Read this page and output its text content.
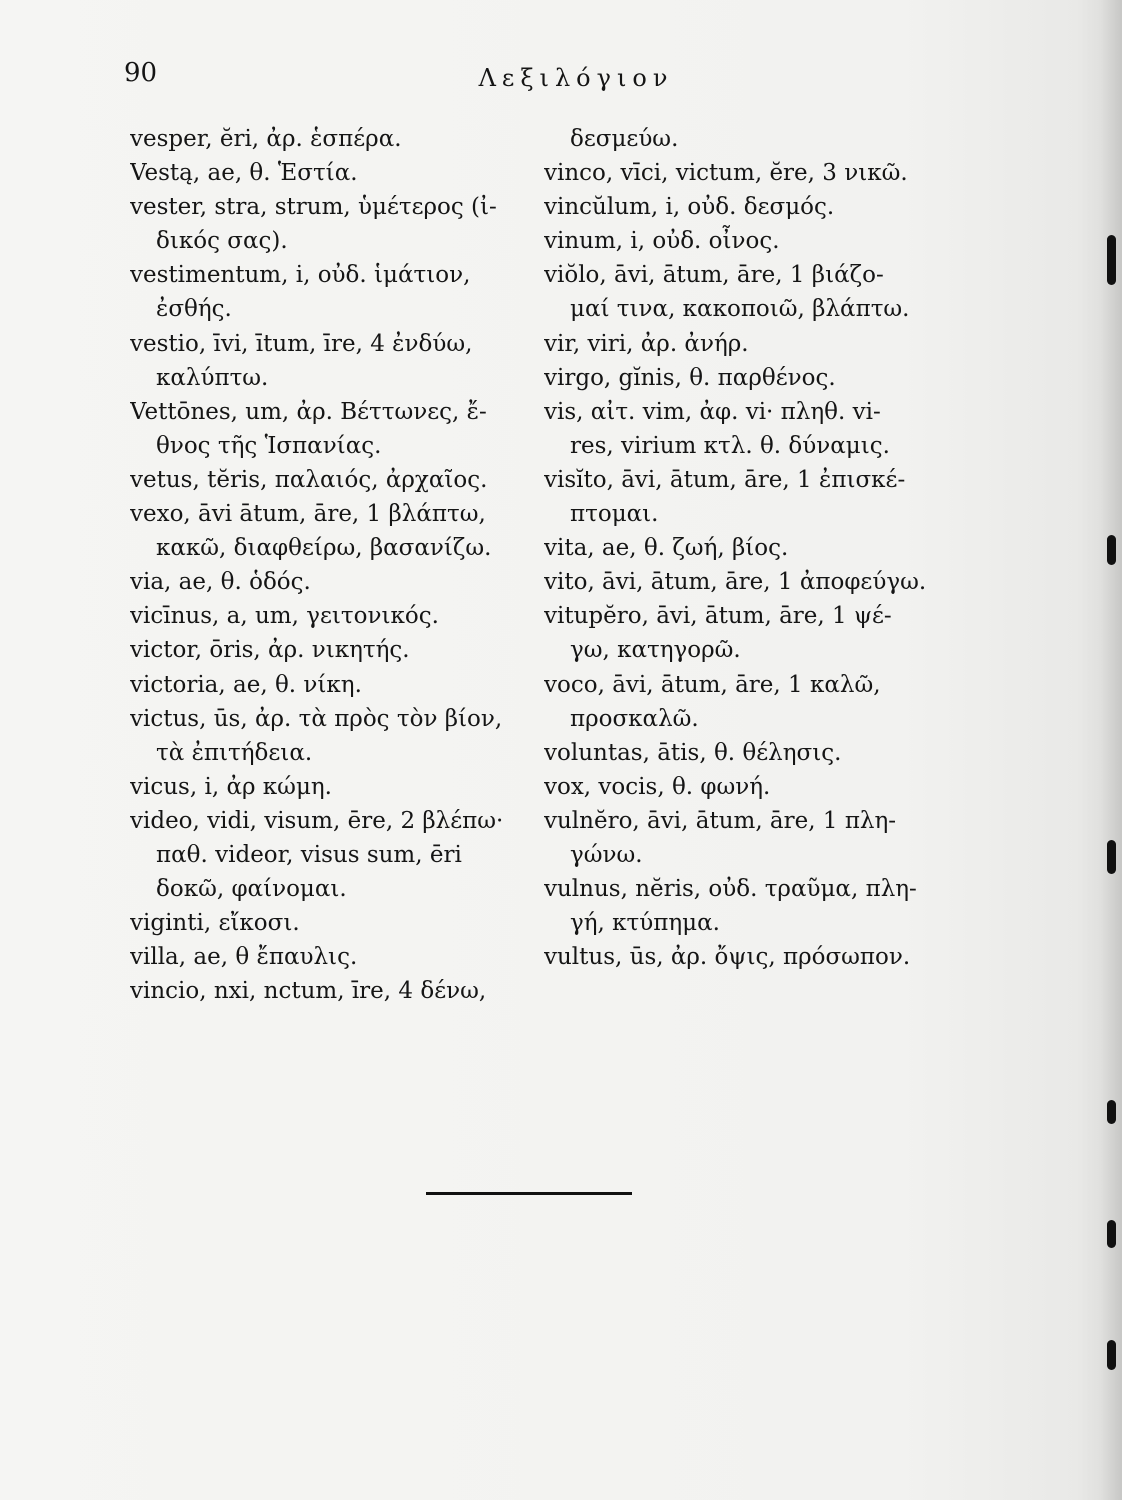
90	Λεξιλόγιον
vesper, ĕri, ἀρ. ἑσπέρα.
Vestą, ae, θ. Ἑστία.
vester, stra, strum, ὑμέτερος (ἰ-
δικός σας).
vestimentum, i, οὐδ. ἱμάτιον,
ἐσθής.
vestio, īvi, ītum, īre, 4 ἐνδύω,
καλύπτω.
Vettōnes, um, ἀρ. Βέττωνες, ἔ-
θνος τῆς Ἱσπανίας.
vetus, tĕris, παλαιός, ἀρχαῖος.
vexo, āvi ātum, āre, 1 βλάπτω,
κακῶ, διαφθείρω, βασανίζω.
via, ae, θ. ὁδός.
vicīnus, a, um, γειτονικός.
victor, ōris, ἀρ. νικητής.
victoria, ae, θ. νίκη.
victus, ūs, ἀρ. τὰ πρὸς τὸν βίον,
τὰ ἐπιτήδεια.
vicus, i, ἀρ κώμη.
video, vidi, visum, ēre, 2 βλέπω·
παθ. videor, visus sum, ēri
δοκῶ, φαίνομαι.
viginti, εἴκοσι.
villa, ae, θ ἔπαυλις.
vincio, nxi, nctum, īre, 4 δένω,
δεσμεύω.
vinco, vīci, victum, ĕre, 3 νικῶ.
vincŭlum, i, οὐδ. δεσμός.
vinum, i, οὐδ. οἶνος.
viŏlo, āvi, ātum, āre, 1 βιάζο-
μαί τινα, κακοποιῶ, βλάπτω.
vir, viri, ἀρ. ἀνήρ.
virgo, gĭnis, θ. παρθένος.
vis, αἰτ. vim, ἀφ. vi· πληθ. vi-
res, virium κτλ. θ. δύναμις.
visĭto, āvi, ātum, āre, 1 ἐπισκέ-
πτομαι.
vita, ae, θ. ζωή, βίος.
vito, āvi, ātum, āre, 1 ἀποφεύγω.
vitupĕro, āvi, ātum, āre, 1 ψέ-
γω, κατηγορῶ.
voco, āvi, ātum, āre, 1 καλῶ,
προσκαλῶ.
voluntas, ātis, θ. θέλησις.
vox, vocis, θ. φωνή.
vulnĕro, āvi, ātum, āre, 1 πλη-
γώνω.
vulnus, nĕris, οὐδ. τραῦμα, πλη-
γή, κτύπημα.
vultus, ūs, ἀρ. ὄψις, πρόσωπον.
